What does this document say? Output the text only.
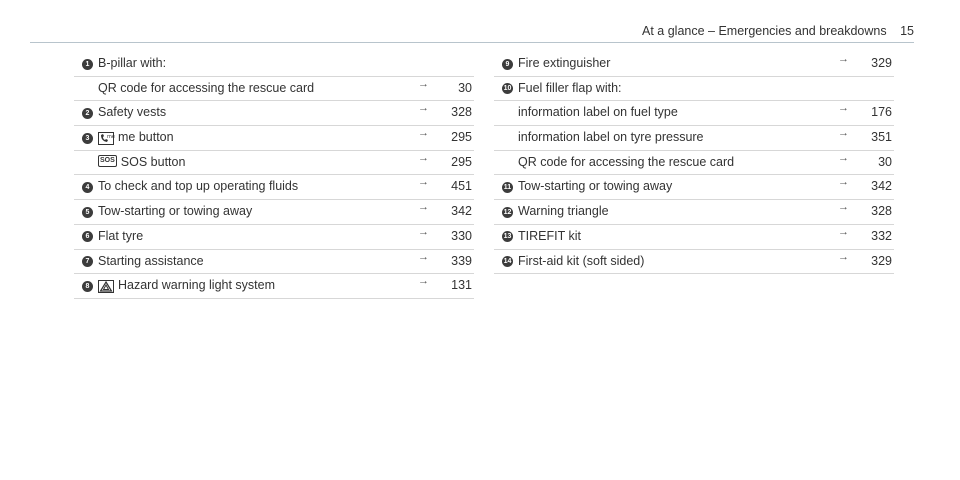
At a glance – Emergencies and breakdowns 15
1 B-pillar with:
QR code for accessing the rescue card	→ 30
2 Safety vests	→ 328
3	me me button	→ 295
SOS SOS button	→ 295
4 To check and top up operating fluids	→ 451
5 Tow-starting or towing away	→ 342
6 Flat tyre	→ 330
7 Starting assistance	→ 339
8	Hazard warning light system	→ 131
9 Fire extinguisher	→ 329
10 Fuel filler flap with:
information label on fuel type	→ 176
information label on tyre pressure	→ 351
QR code for accessing the rescue card	→ 30
11 Tow-starting or towing away	→ 342
12 Warning triangle	→ 328
13 TIREFIT kit	→ 332
14 First-aid kit (soft sided)	→ 329
